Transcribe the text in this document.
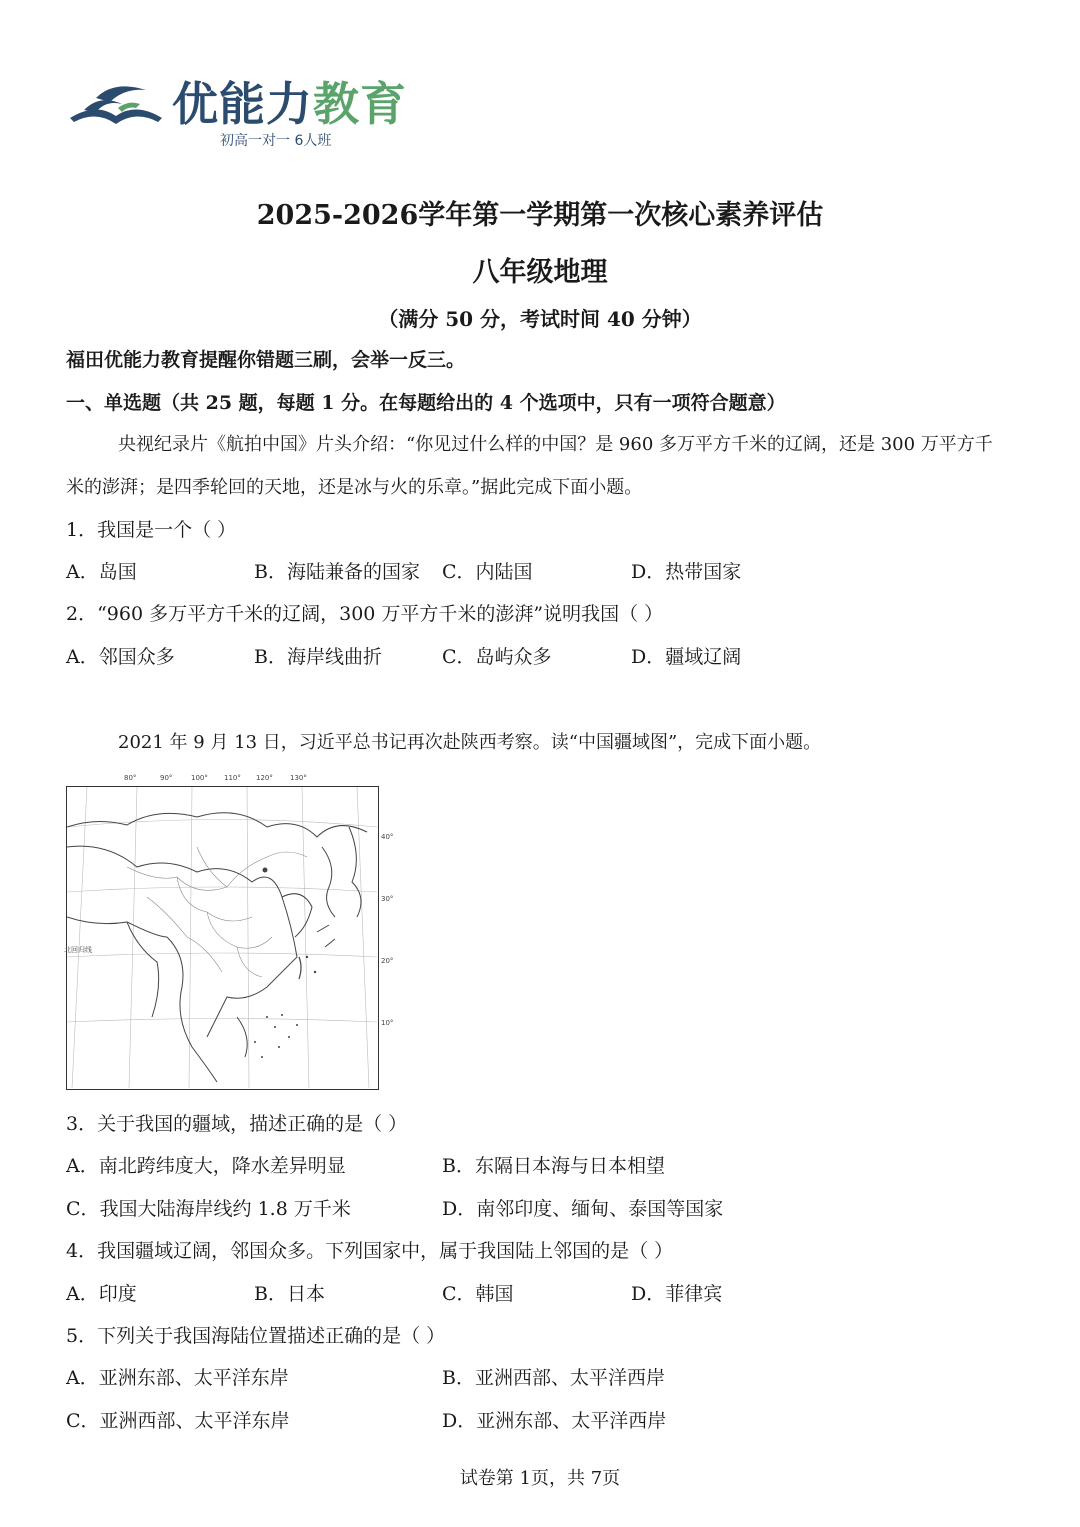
优能力教育
初高一对一 6人班
2025-2026学年第一学期第一次核心素养评估
八年级地理
（满分 50 分，考试时间 40 分钟）
福田优能力教育提醒你错题三刷，会举一反三。
一、单选题（共 25 题，每题 1 分。在每题给出的 4 个选项中，只有一项符合题意）
央视纪录片《航拍中国》片头介绍：“你见过什么样的中国？是 960 多万平方千米的辽阔，还是 300 万平方千
米的澎湃；是四季轮回的天地，还是冰与火的乐章。”据此完成下面小题。
1．我国是一个（ ）
A．岛国	B．海陆兼备的国家 C．内陆国	D．热带国家
2．“960 多万平方千米的辽阔，300 万平方千米的澎湃”说明我国（ ）
A．邻国众多	B．海岸线曲折	C．岛屿众多	D．疆域辽阔
2021 年 9 月 13 日，习近平总书记再次赴陕西考察。读“中国疆域图”，完成下面小题。
80°	90°	100° 110° 120° 130°
北回归线
40°
30°
20°
10°
3．关于我国的疆域，描述正确的是（ ）
A．南北跨纬度大，降水差异明显	B．东隔日本海与日本相望
C．我国大陆海岸线约 1.8 万千米	D．南邻印度、缅甸、泰国等国家
4．我国疆域辽阔，邻国众多。下列国家中，属于我国陆上邻国的是（ ）
A．印度	B．日本	C．韩国	D．菲律宾
5．下列关于我国海陆位置描述正确的是（ ）
A．亚洲东部、太平洋东岸	B．亚洲西部、太平洋西岸
C．亚洲西部、太平洋东岸	D．亚洲东部、太平洋西岸
试卷第 1页，共 7页
